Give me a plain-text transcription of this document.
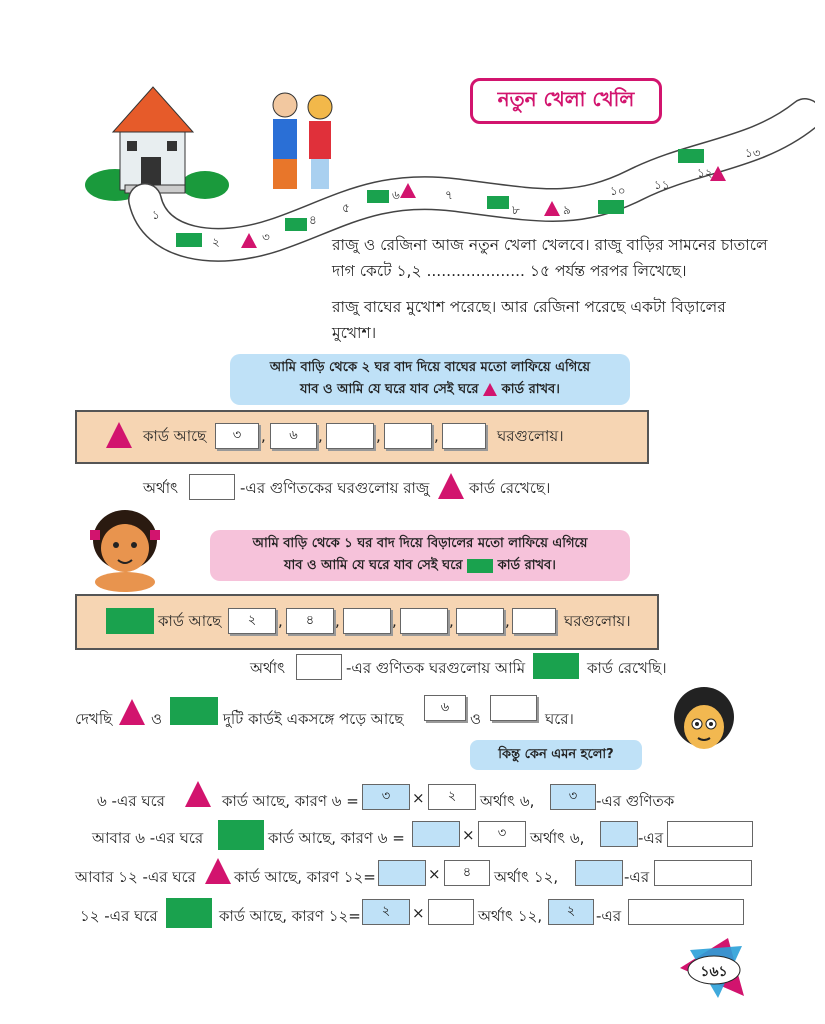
নতুন খেলা খেলি
১
২	৩
৪
৫
৬	৭
৮	৯
১০ ১১
১২
১৩
রাজু ও রেজিনা আজ নতুন খেলা খেলবে। রাজু বাড়ির সামনের চাতালে
দাগ কেটে ১,২ .................... ১৫ পর্যন্ত পরপর লিখেছে।
রাজু বাঘের মুখোশ পরেছে। আর রেজিনা পরেছে একটা বিড়ালের
মুখোশ।
আমি বাড়ি থেকে ২ ঘর বাদ দিয়ে বাঘের মতো লাফিয়ে এগিয়ে
যাব ও আমি যে ঘরে যাব সেই ঘরে কার্ড রাখব।
কার্ড আছে	৩	,	৬	,	,	,	ঘরগুলোয়।
অর্থাৎ	-এর গুণিতকের ঘরগুলোয় রাজু	কার্ড রেখেছে।
আমি বাড়ি থেকে ১ ঘর বাদ দিয়ে বিড়ালের মতো লাফিয়ে এগিয়ে
যাব ও আমি যে ঘরে যাব সেই ঘরে	কার্ড রাখব।
কার্ড আছে	২	,	৪	,	,	,	,	ঘরগুলোয়।
অর্থাৎ	-এর গুণিতক ঘরগুলোয় আমি	কার্ড রেখেছি।
দেখছি	ও	দুটি কার্ডই একসঙ্গে পড়ে আছে
৬
ও	ঘরে।
কিন্তু কেন এমন হলো?
৬ -এর ঘরে	কার্ড আছে, কারণ ৬ =	৩	×	২	অর্থাৎ ৬,	৩	-এর গুণিতক
আবার ৬ -এর ঘরে	কার্ড আছে, কারণ ৬ =	×	৩	অর্থাৎ ৬,	-এর
আবার ১২ -এর ঘরে	কার্ড আছে, কারণ ১২=	×	৪	অর্থাৎ ১২,	-এর
১২ -এর ঘরে	কার্ড আছে, কারণ ১২=	২	×	অর্থাৎ ১২,	২	-এর
১৬১
